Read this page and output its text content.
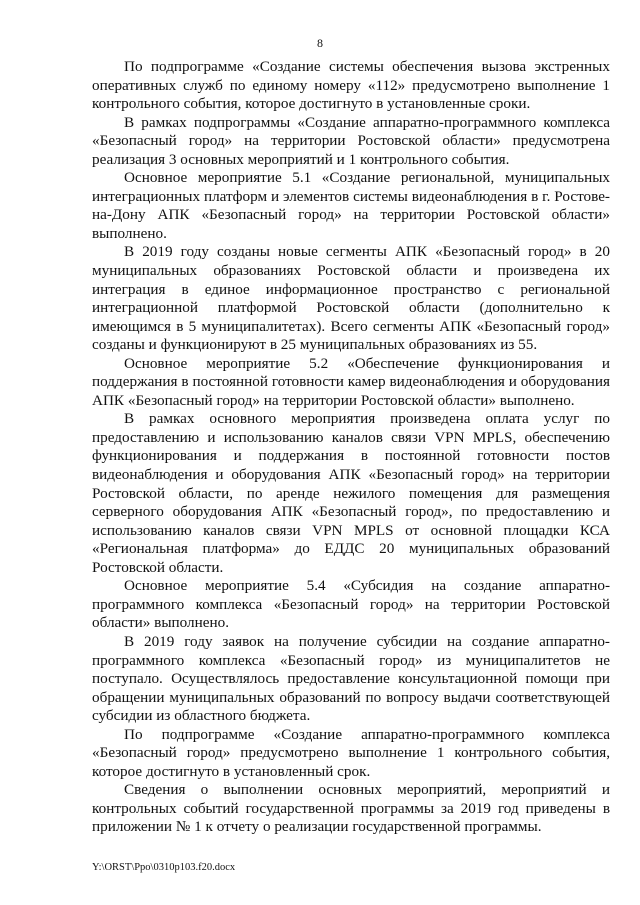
8

По подпрограмме «Создание системы обеспечения вызова экстренных оперативных служб по единому номеру «112» предусмотрено выполнение 1 контрольного события, которое достигнуто в установленные сроки.

В рамках подпрограммы «Создание аппаратно-программного комплекса «Безопасный город» на территории Ростовской области» предусмотрена реализация 3 основных мероприятий и 1 контрольного события.

Основное мероприятие 5.1 «Создание региональной, муниципальных интеграционных платформ и элементов системы видеонаблюдения в г. Ростове-на-Дону АПК «Безопасный город» на территории Ростовской области» выполнено.

В 2019 году созданы новые сегменты АПК «Безопасный город» в 20 муниципальных образованиях Ростовской области и произведена их интеграция в единое информационное пространство с региональной интеграционной платформой Ростовской области (дополнительно к имеющимся в 5 муниципалитетах). Всего сегменты АПК «Безопасный город» созданы и функционируют в 25 муниципальных образованиях из 55.

Основное мероприятие 5.2 «Обеспечение функционирования и поддержания в постоянной готовности камер видеонаблюдения и оборудования АПК «Безопасный город» на территории Ростовской области» выполнено.

В рамках основного мероприятия произведена оплата услуг по предоставлению и использованию каналов связи VPN MPLS, обеспечению функционирования и поддержания в постоянной готовности постов видеонаблюдения и оборудования АПК «Безопасный город» на территории Ростовской области, по аренде нежилого помещения для размещения серверного оборудования АПК «Безопасный город», по предоставлению и использованию каналов связи VPN MPLS от основной площадки КСА «Региональная платформа» до ЕДДС 20 муниципальных образований Ростовской области.

Основное мероприятие 5.4 «Субсидия на создание аппаратно-программного комплекса «Безопасный город» на территории Ростовской области» выполнено.

В 2019 году заявок на получение субсидии на создание аппаратно-программного комплекса «Безопасный город» из муниципалитетов не поступало. Осуществлялось предоставление консультационной помощи при обращении муниципальных образований по вопросу выдачи соответствующей субсидии из областного бюджета.

По подпрограмме «Создание аппаратно-программного комплекса «Безопасный город» предусмотрено выполнение 1 контрольного события, которое достигнуто в установленный срок.

Сведения о выполнении основных мероприятий, мероприятий и контрольных событий государственной программы за 2019 год приведены в приложении № 1 к отчету о реализации государственной программы.

Y:\ORST\Ppo\0310p103.f20.docx
